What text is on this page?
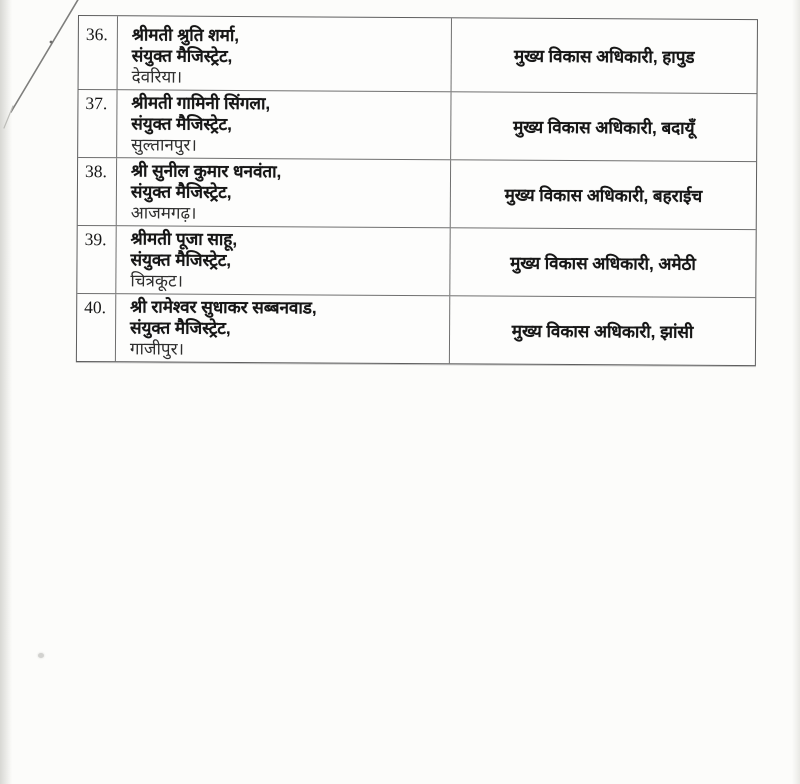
36.	श्रीमती श्रुति शर्मा,
संयुक्त मैजिस्ट्रेट,
देवरिया।
मुख्य विकास अधिकारी, हापुड
37.	श्रीमती गामिनी सिंगला,
संयुक्त मैजिस्ट्रेट,
सुल्तानपुर।
मुख्य विकास अधिकारी, बदायूँ
38.	श्री सुनील कुमार धनवंता,
संयुक्त मैजिस्ट्रेट,
आजमगढ़।
मुख्य विकास अधिकारी, बहराईच
39.	श्रीमती पूजा साहू,
संयुक्त मैजिस्ट्रेट,
चित्रकूट।
मुख्य विकास अधिकारी, अमेठी
40.	श्री रामेश्वर सुधाकर सब्बनवाड,
संयुक्त मैजिस्ट्रेट,
गाजीपुर।
मुख्य विकास अधिकारी, झांसी
